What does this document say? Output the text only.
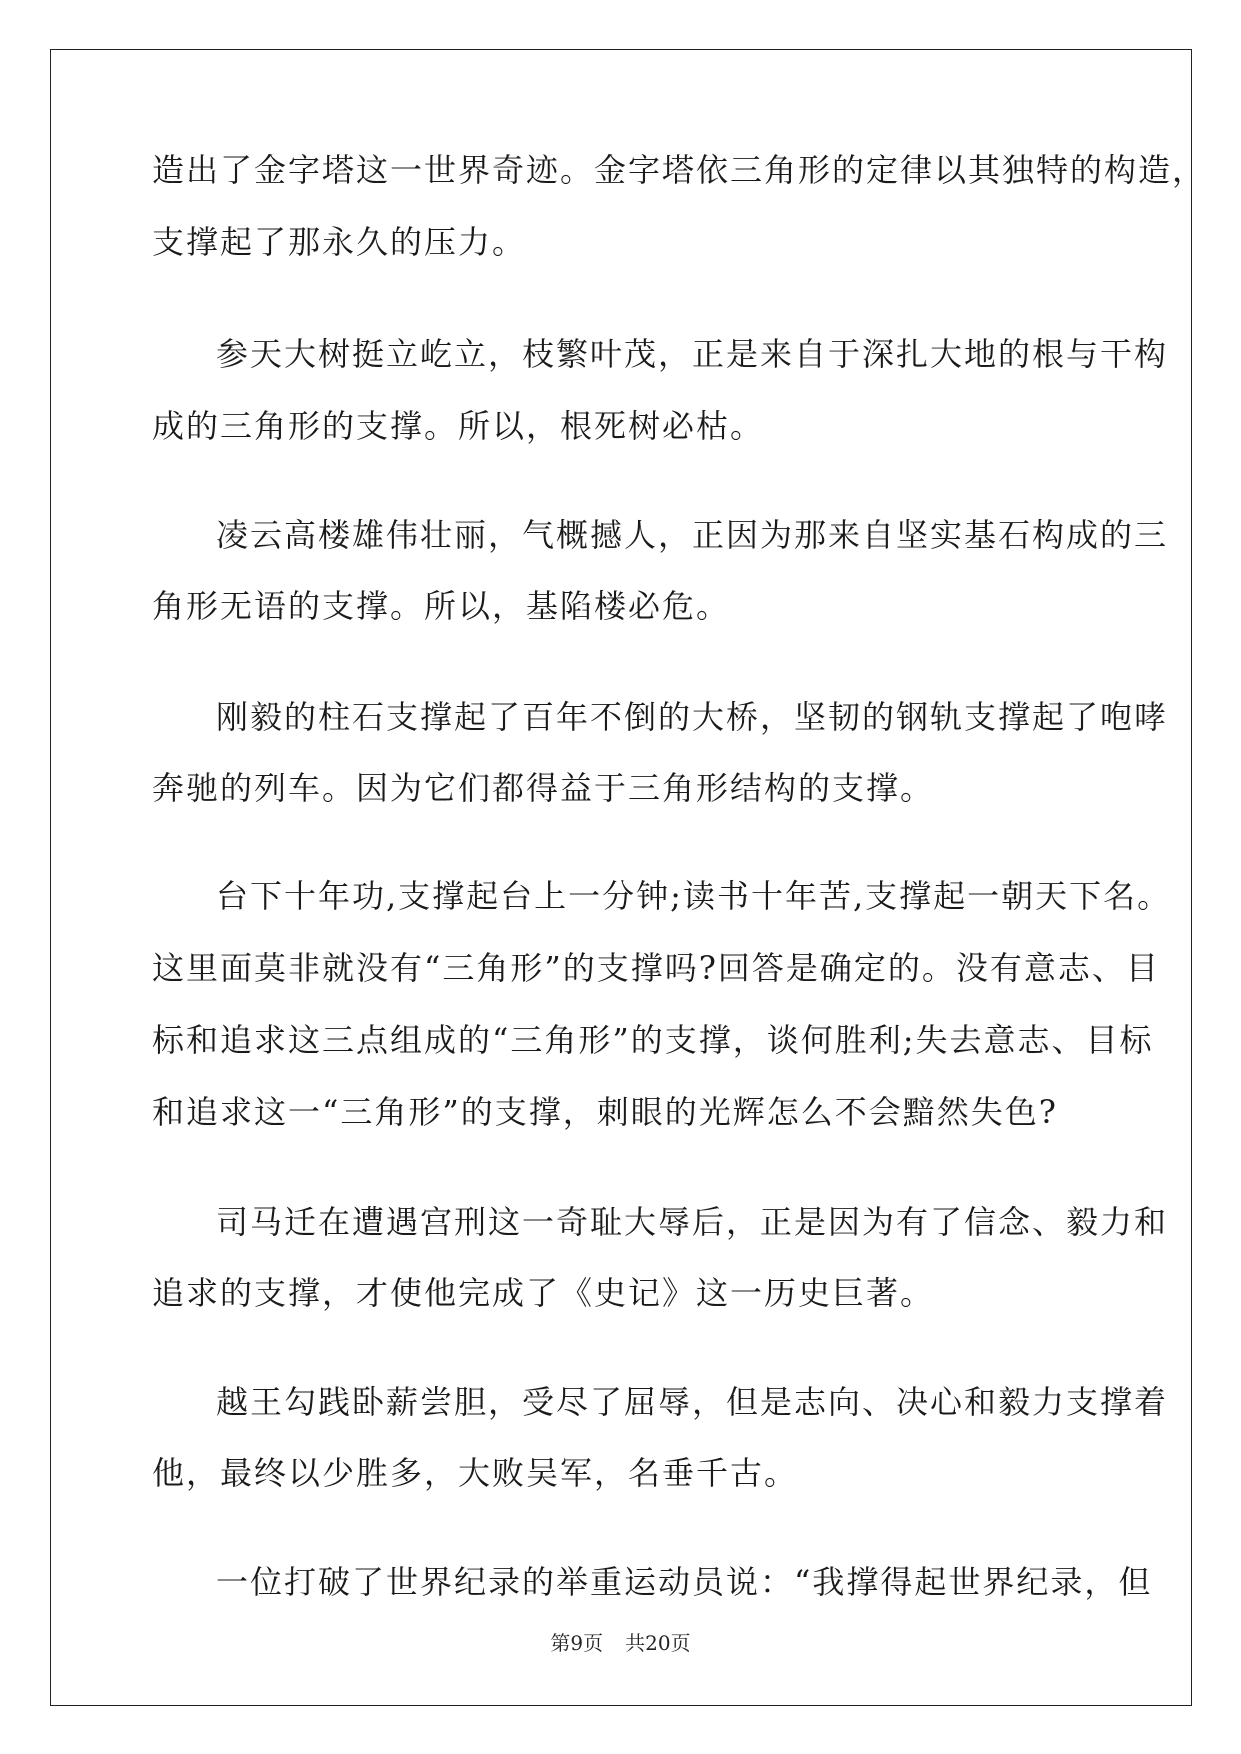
造出了金字塔这一世界奇迹。金字塔依三角形的定律以其独特的构造，
支撑起了那永久的压力。
参天大树挺立屹立，枝繁叶茂，正是来自于深扎大地的根与干构
成的三角形的支撑。所以，根死树必枯。
凌云高楼雄伟壮丽，气概撼人，正因为那来自坚实基石构成的三
角形无语的支撑。所以，基陷楼必危。
刚毅的柱石支撑起了百年不倒的大桥，坚韧的钢轨支撑起了咆哮
奔驰的列车。因为它们都得益于三角形结构的支撑。
台下十年功,支撑起台上一分钟;读书十年苦,支撑起一朝天下名。
这里面莫非就没有“三角形”的支撑吗?回答是确定的。没有意志、目
标和追求这三点组成的“三角形”的支撑，谈何胜利;失去意志、目标
和追求这一“三角形”的支撑，刺眼的光辉怎么不会黯然失色?
司马迁在遭遇宫刑这一奇耻大辱后，正是因为有了信念、毅力和
追求的支撑，才使他完成了《史记》这一历史巨著。
越王勾践卧薪尝胆，受尽了屈辱，但是志向、决心和毅力支撑着
他，最终以少胜多，大败吴军，名垂千古。
一位打破了世界纪录的举重运动员说：“我撑得起世界纪录，但
第9页 共20页
